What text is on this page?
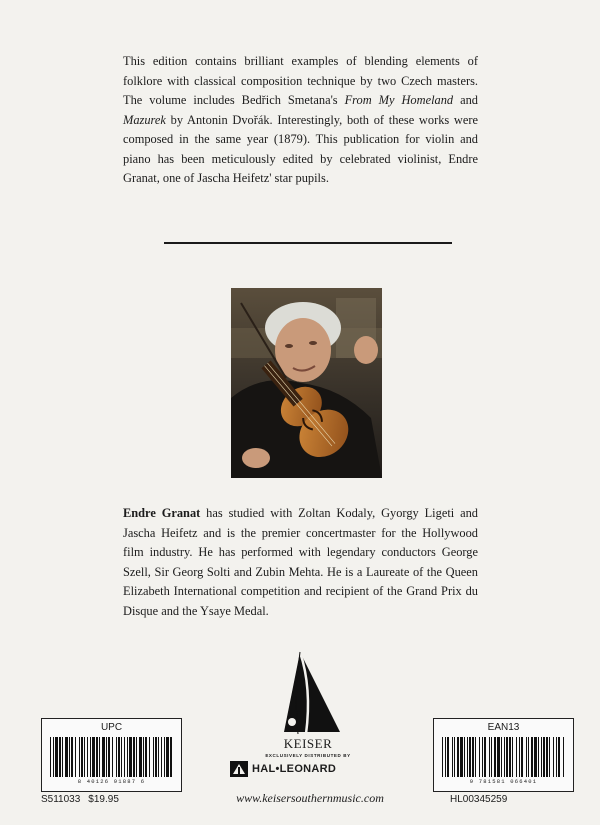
This edition contains brilliant examples of blending elements of folklore with classical composition technique by two Czech masters. The volume includes Bedřich Smetana's From My Homeland and Mazurek by Antonin Dvořák. Interestingly, both of these works were composed in the same year (1879). This publication for violin and piano has been meticulously edited by celebrated violinist, Endre Granat, one of Jascha Heifetz' star pupils.

Endre Granat has studied with Zoltan Kodaly, Gyorgy Ligeti and Jascha Heifetz and is the premier concertmaster for the Hollywood film industry. He has performed with legendary conductors George Szell, Sir Georg Solti and Zubin Mehta. He is a Laureate of the Queen Elizabeth International competition and recipient of the Grand Prix du Disque and the Ysaye Medal.

KEISER
EXCLUSIVELY DISTRIBUTED BY
HAL•LEONARD
www.keisersouthernmusic.com
UPC
8 40126 91887 6
S511033 $19.95
EAN13
9 781581 066401
HL00345259
